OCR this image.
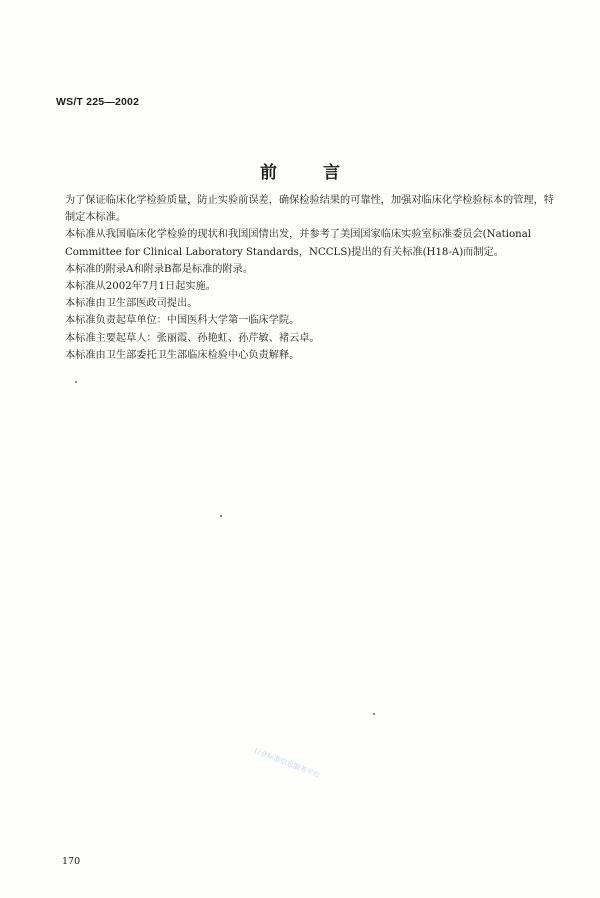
WS/T 225—2002
前言

为了保证临床化学检验质量，防止实验前误差，确保检验结果的可靠性，加强对临床化学检验标本的管理，特制定本标准。

本标准从我国临床化学检验的现状和我国国情出发，并参考了美国国家临床实验室标准委员会(National Committee for Clinical Laboratory Standards，NCCLS)提出的有关标准(H18-A)而制定。

本标准的附录A和附录B都是标准的附录。

本标准从2002年7月1日起实施。

本标准由卫生部医政司提出。

本标准负责起草单位：中国医科大学第一临床学院。

本标准主要起草人：张丽霞、孙艳虹、孙芹敏、褚云卓。

本标准由卫生部委托卫生部临床检验中心负责解释。

行业标准信息服务平台
170
